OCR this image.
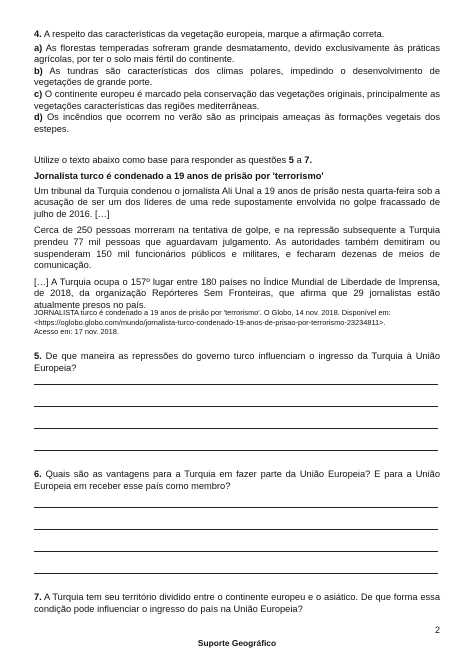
4. A respeito das características da vegetação europeia, marque a afirmação correta.

a) As florestas temperadas sofreram grande desmatamento, devido exclusivamente às práticas agrícolas, por ter o solo mais fértil do continente.

b) As tundras são características dos climas polares, impedindo o desenvolvimento de vegetações de grande porte.

c) O continente europeu é marcado pela conservação das vegetações originais, principalmente as vegetações características das regiões mediterrâneas.

d) Os incêndios que ocorrem no verão são as principais ameaças às formações vegetais dos estepes.

Utilize o texto abaixo como base para responder as questões 5 a 7.

Jornalista turco é condenado a 19 anos de prisão por 'terrorismo'

Um tribunal da Turquia condenou o jornalista Ali Unal a 19 anos de prisão nesta quarta-feira sob a acusação de ser um dos líderes de uma rede supostamente envolvida no golpe fracassado de julho de 2016. […]

Cerca de 250 pessoas morreram na tentativa de golpe, e na repressão subsequente a Turquia prendeu 77 mil pessoas que aguardavam julgamento. As autoridades também demitiram ou suspenderam 150 mil funcionários públicos e militares, e fecharam dezenas de meios de comunicação.

[…] A Turquia ocupa o 157º lugar entre 180 países no Índice Mundial de Liberdade de Imprensa, de 2018, da organização Repórteres Sem Fronteiras, que afirma que 29 jornalistas estão atualmente presos no país.

JORNALISTA turco é condenado a 19 anos de prisão por 'terrorismo'. O Globo, 14 nov. 2018. Disponível em:
<https://oglobo.globo.com/mundo/jornalista-turco-condenado-19-anos-de-prisao-por-terrorismo-23234811>.
Acesso em: 17 nov. 2018.

5. De que maneira as repressões do governo turco influenciam o ingresso da Turquia à União Europeia?

6. Quais são as vantagens para a Turquia em fazer parte da União Europeia? E para a União Europeia em receber esse país como membro?

7. A Turquia tem seu território dividido entre o continente europeu e o asiático. De que forma essa condição pode influenciar o ingresso do país na União Europeia?

2
Suporte Geográfico
